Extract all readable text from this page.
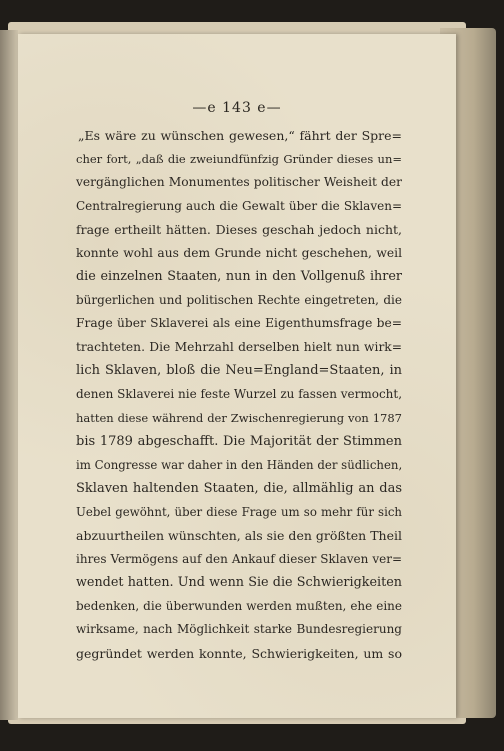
—e 143 e—
„Es wäre zu wünschen gewesen,“ fährt der Spre=
cher fort, „daß die zweiundfünfzig Gründer dieses un=
vergänglichen Monumentes politischer Weisheit der
Centralregierung auch die Gewalt über die Sklaven=
frage ertheilt hätten. Dieses geschah jedoch nicht,
konnte wohl aus dem Grunde nicht geschehen, weil
die einzelnen Staaten, nun in den Vollgenuß ihrer
bürgerlichen und politischen Rechte eingetreten, die
Frage über Sklaverei als eine Eigenthumsfrage be=
trachteten. Die Mehrzahl derselben hielt nun wirk=
lich Sklaven, bloß die Neu=England=Staaten, in
denen Sklaverei nie feste Wurzel zu fassen vermocht,
hatten diese während der Zwischenregierung von 1787
bis 1789 abgeschafft. Die Majorität der Stimmen
im Congresse war daher in den Händen der südlichen,
Sklaven haltenden Staaten, die, allmählig an das
Uebel gewöhnt, über diese Frage um so mehr für sich
abzuurtheilen wünschten, als sie den größten Theil
ihres Vermögens auf den Ankauf dieser Sklaven ver=
wendet hatten. Und wenn Sie die Schwierigkeiten
bedenken, die überwunden werden mußten, ehe eine
wirksame, nach Möglichkeit starke Bundesregierung
gegründet werden konnte, Schwierigkeiten, um so
